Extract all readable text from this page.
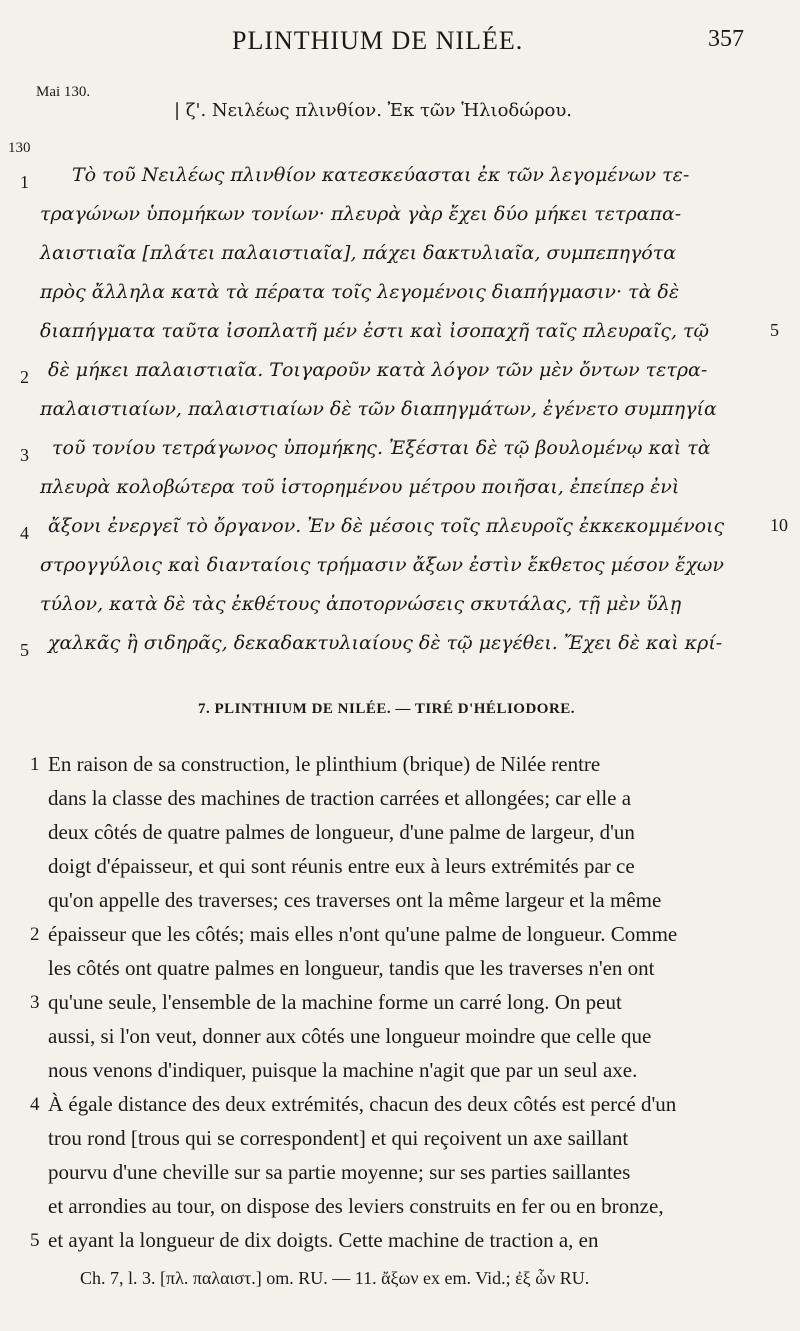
PLINTHIUM DE NILÉE.	357
Mai 130.
130
| ζ'. Νειλέως πλινθίον. Ἐκ τῶν Ἡλιοδώρου.
1 Τὸ τοῦ Νειλέως πλινθίον κατεσκεύασται ἐκ τῶν λεγομένων τε-
τραγώνων ὑπομήκων τονίων· πλευρὰ γὰρ ἔχει δύο μήκει τετραπα-
λαιστιαῖα [πλάτει παλαιστιαῖα], πάχει δακτυλιαῖα, συμπεπηγότα
πρὸς ἄλληλα κατὰ τὰ πέρατα τοῖς λεγομένοις διαπήγμασιν· τὰ δὲ
διαπήγματα ταῦτα ἰσοπλατῆ μέν ἐστι καὶ ἰσοπαχῆ ταῖς πλευραῖς, τῷ	5
2 δὲ μήκει παλαιστιαῖα. Τοιγαροῦν κατὰ λόγον τῶν μὲν ὄντων τετρα-
παλαιστιαίων, παλαιστιαίων δὲ τῶν διαπηγμάτων, ἐγένετο συμπηγία
3 τοῦ τονίου τετράγωνος ὑπομήκης. Ἐξέσται δὲ τῷ βουλομένῳ καὶ τὰ
πλευρὰ κολοβώτερα τοῦ ἱστορημένου μέτρου ποιῆσαι, ἐπείπερ ἐνὶ
4 ἄξονι ἐνεργεῖ τὸ ὄργανον. Ἐν δὲ μέσοις τοῖς πλευροῖς ἐκκεκομμένοις	10
στρογγύλοις καὶ διανταίοις τρήμασιν ἄξων ἐστὶν ἔκθετος μέσον ἔχων
τύλον, κατὰ δὲ τὰς ἐκθέτους ἀποτορνώσεις σκυτάλας, τῇ μὲν ὕλῃ
5 χαλκᾶς ἢ σιδηρᾶς, δεκαδακτυλιαίους δὲ τῷ μεγέθει. Ἔχει δὲ καὶ κρί-
7. PLINTHIUM DE NILÉE. — TIRÉ D'HÉLIODORE.
1 En raison de sa construction, le plinthium (brique) de Nilée rentre
dans la classe des machines de traction carrées et allongées; car elle a
deux côtés de quatre palmes de longueur, d'une palme de largeur, d'un
doigt d'épaisseur, et qui sont réunis entre eux à leurs extrémités par ce
qu'on appelle des traverses; ces traverses ont la même largeur et la même
2 épaisseur que les côtés; mais elles n'ont qu'une palme de longueur. Comme
les côtés ont quatre palmes en longueur, tandis que les traverses n'en ont
3 qu'une seule, l'ensemble de la machine forme un carré long. On peut
aussi, si l'on veut, donner aux côtés une longueur moindre que celle que
nous venons d'indiquer, puisque la machine n'agit que par un seul axe.
4 À égale distance des deux extrémités, chacun des deux côtés est percé d'un
trou rond [trous qui se correspondent] et qui reçoivent un axe saillant
pourvu d'une cheville sur sa partie moyenne; sur ses parties saillantes
et arrondies au tour, on dispose des leviers construits en fer ou en bronze,
5 et ayant la longueur de dix doigts. Cette machine de traction a, en
Ch. 7, l. 3. [πλ. παλαιστ.] om. RU. — 11. ἄξων ex em. Vid.; ἐξ ὧν RU.
